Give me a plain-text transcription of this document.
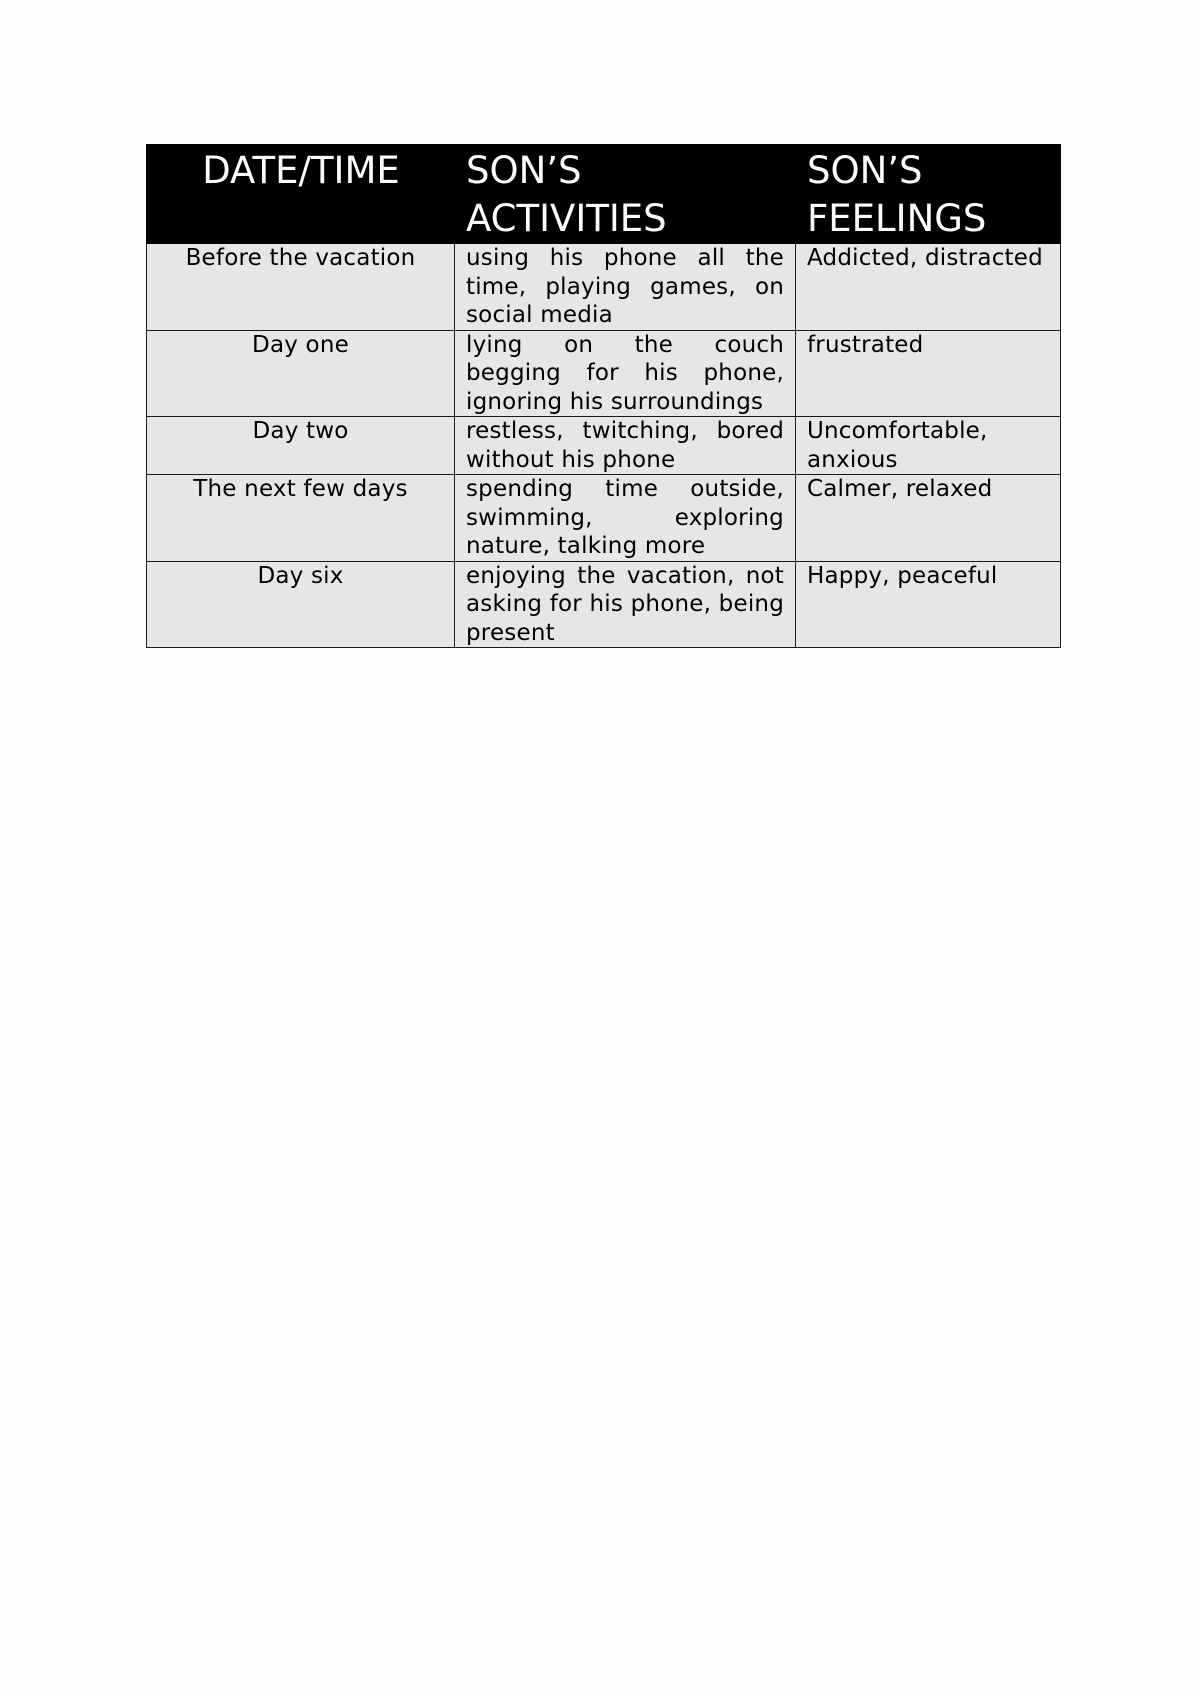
DATE/TIME	SON’S ACTIVITIES	SON’S FEELINGS
Before the vacation	using his phone all the time, playing games, on social media	Addicted, distracted
Day one	lying on the couch begging for his phone, ignoring his surroundings	frustrated
Day two	restless, twitching, bored without his phone	Uncomfortable, anxious
The next few days	spending time outside, swimming, exploring nature, talking more	Calmer, relaxed
Day six	enjoying the vacation, not asking for his phone, being present	Happy, peaceful
